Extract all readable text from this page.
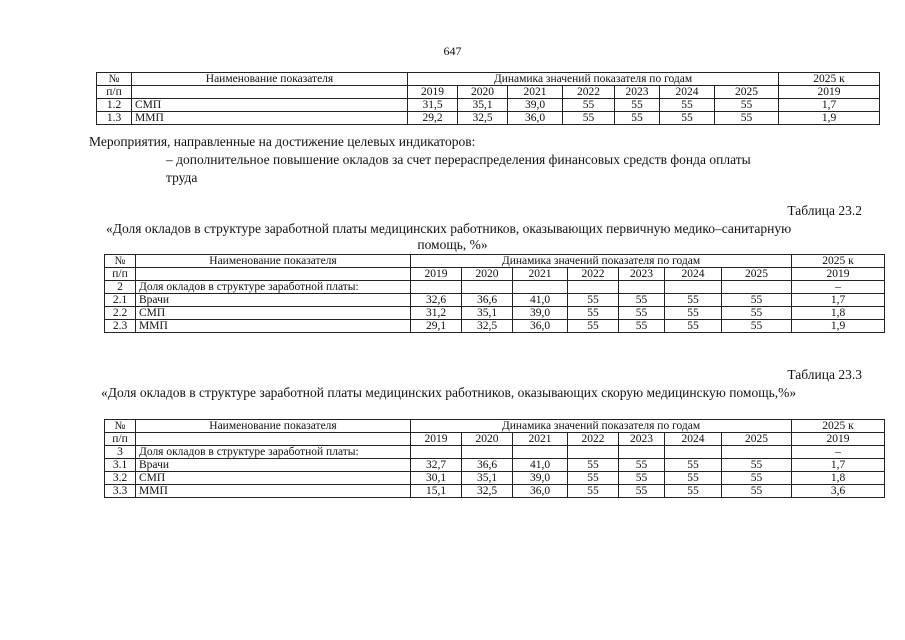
647
№	Наименование показателя	Динамика значений показателя по годам							2025 к
п/п		2019	2020	2021	2022	2023	2024	2025	2019
1.2	СМП	31,5	35,1	39,0	55	55	55	55	1,7
1.3	ММП	29,2	32,5	36,0	55	55	55	55	1,9
Мероприятия, направленные на достижение целевых индикаторов:
– дополнительное повышение окладов за счет перераспределения финансовых средств фонда оплаты
труда
Таблица 23.2
«Доля окладов в структуре заработной платы медицинских работников, оказывающих первичную медико–санитарную
помощь, %»
№	Наименование показателя	Динамика значений показателя по годам							2025 к
п/п		2019	2020	2021	2022	2023	2024	2025	2019
2	Доля окладов в структуре заработной платы:								–
2.1	Врачи	32,6	36,6	41,0	55	55	55	55	1,7
2.2	СМП	31,2	35,1	39,0	55	55	55	55	1,8
2.3	ММП	29,1	32,5	36,0	55	55	55	55	1,9
Таблица 23.3
«Доля окладов в структуре заработной платы медицинских работников, оказывающих скорую медицинскую помощь,%»
№	Наименование показателя	Динамика значений показателя по годам							2025 к
п/п		2019	2020	2021	2022	2023	2024	2025	2019
3	Доля окладов в структуре заработной платы:								–
3.1	Врачи	32,7	36,6	41,0	55	55	55	55	1,7
3.2	СМП	30,1	35,1	39,0	55	55	55	55	1,8
3.3	ММП	15,1	32,5	36,0	55	55	55	55	3,6
